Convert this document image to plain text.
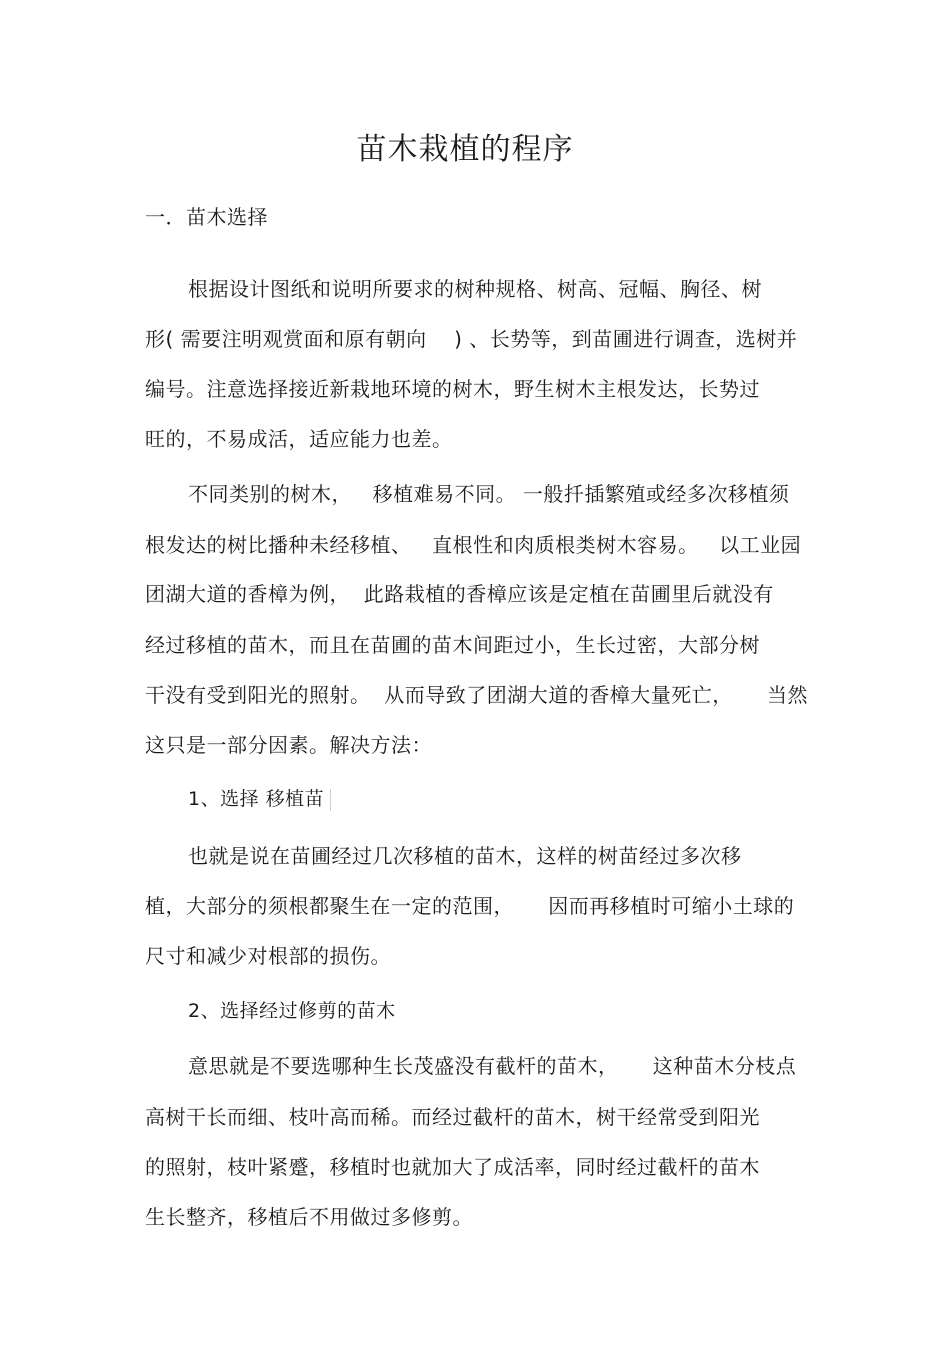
苗木栽植的程序
一．苗木选择
根据设计图纸和说明所要求的树种规格、树高、冠幅、胸径、树
形( 需要注明观赏面和原有朝向    ) 、长势等，到苗圃进行调查，选树并
编号。注意选择接近新栽地环境的树木，野生树木主根发达，长势过
旺的，不易成活，适应能力也差。
不同类别的树木，   移植难易不同。 一般扦插繁殖或经多次移植须
根发达的树比播种未经移植、   直根性和肉质根类树木容易。   以工业园
团湖大道的香樟为例，  此路栽植的香樟应该是定植在苗圃里后就没有
经过移植的苗木，而且在苗圃的苗木间距过小，生长过密，大部分树
干没有受到阳光的照射。  从而导致了团湖大道的香樟大量死亡，     当然
这只是一部分因素。解决方法：
1、选择 移植苗
也就是说在苗圃经过几次移植的苗木，这样的树苗经过多次移
植，大部分的须根都聚生在一定的范围，     因而再移植时可缩小土球的
尺寸和减少对根部的损伤。
2、选择经过修剪的苗木
意思就是不要选哪种生长茂盛没有截杆的苗木，     这种苗木分枝点
高树干长而细、枝叶高而稀。而经过截杆的苗木，树干经常受到阳光
的照射，枝叶紧蹙，移植时也就加大了成活率，同时经过截杆的苗木
生长整齐，移植后不用做过多修剪。
